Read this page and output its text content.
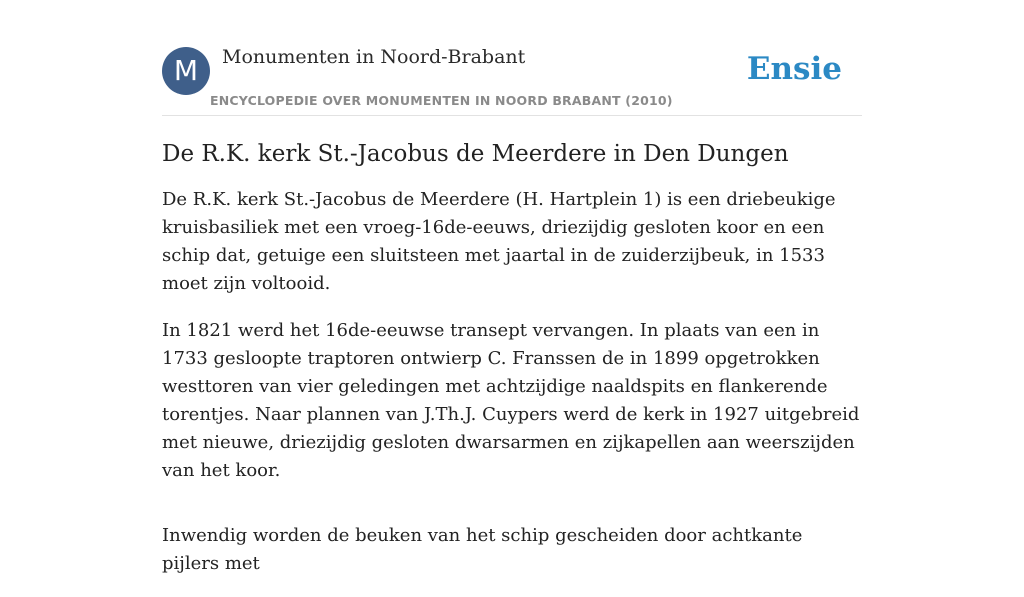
M	Monumenten in Noord-Brabant
ENCYCLOPEDIE OVER MONUMENTEN IN NOORD BRABANT (2010)
Ensie
De R.K. kerk St.-Jacobus de Meerdere in Den Dungen

De R.K. kerk St.-Jacobus de Meerdere (H. Hartplein 1) is een driebeukige kruisbasiliek met een vroeg-16de-eeuws, driezijdig gesloten koor en een schip dat, getuige een sluitsteen met jaartal in de zuiderzijbeuk, in 1533 moet zijn voltooid.

In 1821 werd het 16de-eeuwse transept vervangen. In plaats van een in 1733 gesloopte traptoren ontwierp C. Franssen de in 1899 opgetrokken westtoren van vier geledingen met achtzijdige naaldspits en flankerende torentjes. Naar plannen van J.Th.J. Cuypers werd de kerk in 1927 uitgebreid met nieuwe, driezijdig gesloten dwarsarmen en zijkapellen aan weerszijden van het koor.

Inwendig worden de beuken van het schip gescheiden door achtkante pijlers met
